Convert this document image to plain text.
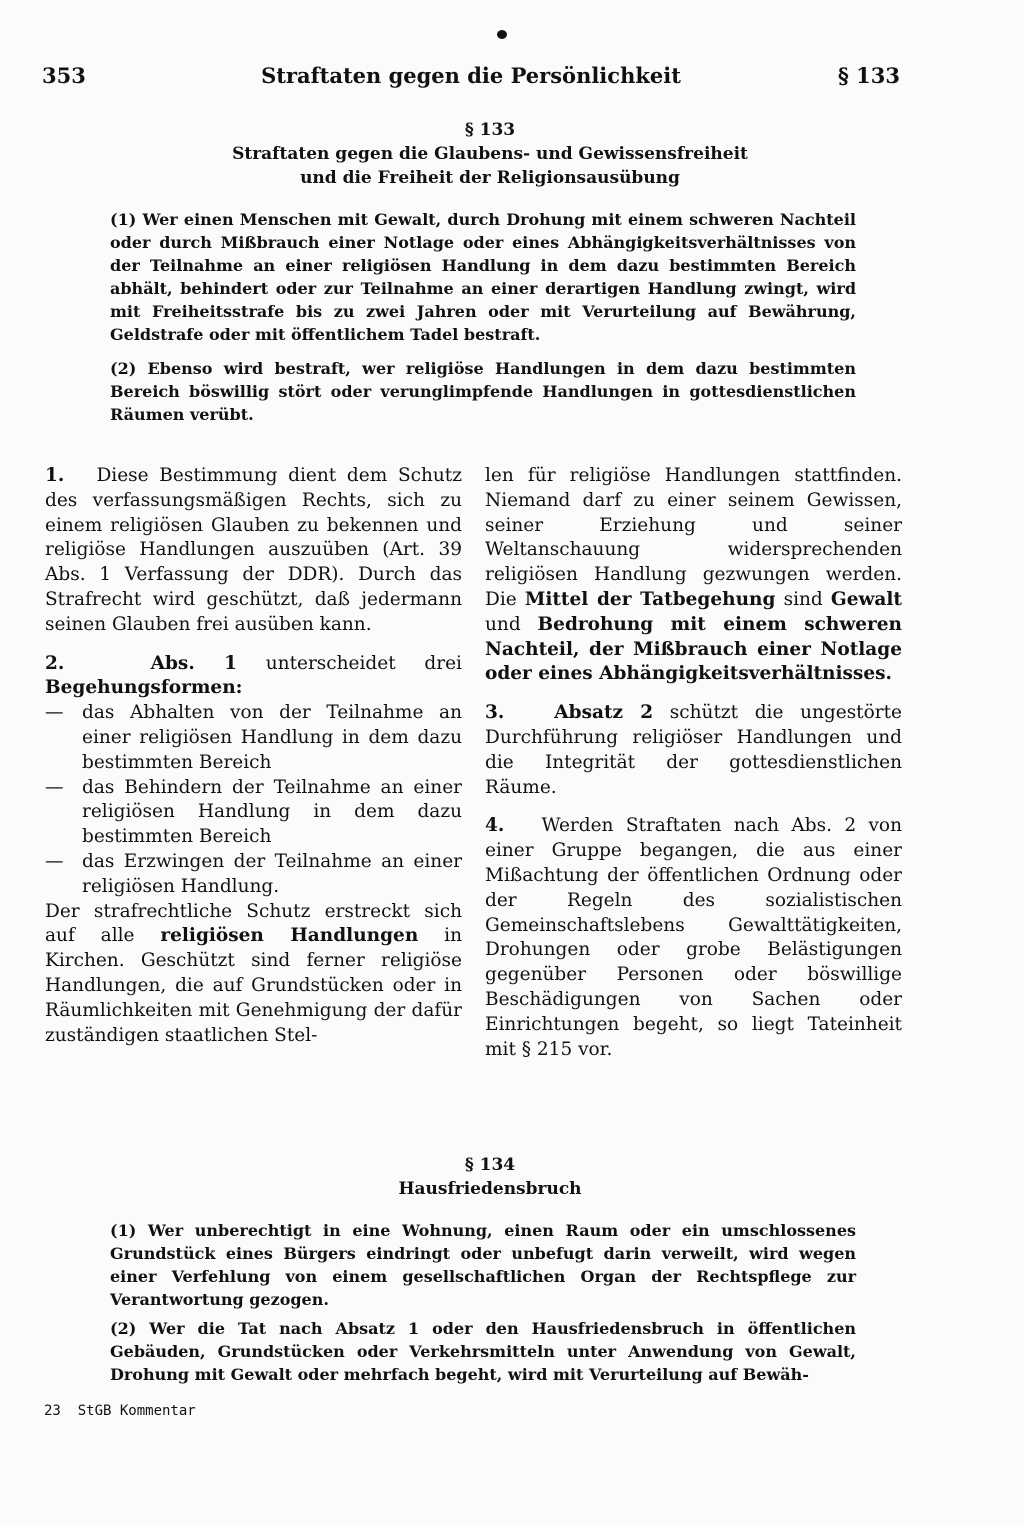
353	Straftaten gegen die Persönlichkeit	§ 133
§ 133
Straftaten gegen die Glaubens- und Gewissensfreiheit
und die Freiheit der Religionsausübung

(1) Wer einen Menschen mit Gewalt, durch Drohung mit einem schweren Nachteil oder durch Mißbrauch einer Notlage oder eines Abhängigkeitsverhältnisses von der Teilnahme an einer religiösen Handlung in dem dazu bestimmten Bereich abhält, behindert oder zur Teilnahme an einer derartigen Handlung zwingt, wird mit Freiheitsstrafe bis zu zwei Jahren oder mit Verurteilung auf Bewährung, Geldstrafe oder mit öffentlichem Tadel bestraft.

(2) Ebenso wird bestraft, wer religiöse Handlungen in dem dazu bestimmten Bereich böswillig stört oder verunglimpfende Handlungen in gottesdienstlichen Räumen verübt.

1. Diese Bestimmung dient dem Schutz des verfassungsmäßigen Rechts, sich zu einem religiösen Glauben zu bekennen und religiöse Handlungen auszuüben (Art. 39 Abs. 1 Verfassung der DDR). Durch das Strafrecht wird geschützt, daß jedermann seinen Glauben frei ausüben kann.

2.	Abs. 1 unterscheidet drei Begehungsformen:

— das Abhalten von der Teilnahme an einer religiösen Handlung in dem dazu bestimmten Bereich
— das Behindern der Teilnahme an einer religiösen Handlung in dem dazu bestimmten Bereich
— das Erzwingen der Teilnahme an einer religiösen Handlung.

Der strafrechtliche Schutz erstreckt sich auf alle religiösen Handlungen in Kirchen. Geschützt sind ferner religiöse Handlungen, die auf Grundstücken oder in Räumlichkeiten mit Genehmigung der dafür zuständigen staatlichen Stel-

len für religiöse Handlungen stattfinden. Niemand darf zu einer seinem Gewissen, seiner Erziehung und seiner Weltanschauung widersprechenden religiösen Handlung gezwungen werden. Die Mittel der Tatbegehung sind Gewalt und Bedrohung mit einem schweren Nachteil, der Mißbrauch einer Notlage oder eines Abhängigkeitsverhältnisses.

3.	Absatz 2 schützt die ungestörte Durchführung religiöser Handlungen und die Integrität der gottesdienstlichen Räume.

4. Werden Straftaten nach Abs. 2 von einer Gruppe begangen, die aus einer Mißachtung der öffentlichen Ordnung oder der Regeln des sozialistischen Gemeinschaftslebens Gewalttätigkeiten, Drohungen oder grobe Belästigungen gegenüber Personen oder böswillige Beschädigungen von Sachen oder Einrichtungen begeht, so liegt Tateinheit mit § 215 vor.

§ 134
Hausfriedensbruch

(1) Wer unberechtigt in eine Wohnung, einen Raum oder ein umschlossenes Grundstück eines Bürgers eindringt oder unbefugt darin verweilt, wird wegen einer Verfehlung von einem gesellschaftlichen Organ der Rechtspflege zur Verantwortung gezogen.

(2) Wer die Tat nach Absatz 1 oder den Hausfriedensbruch in öffentlichen Gebäuden, Grundstücken oder Verkehrsmitteln unter Anwendung von Gewalt, Drohung mit Gewalt oder mehrfach begeht, wird mit Verurteilung auf Bewäh-

23 StGB Kommentar
